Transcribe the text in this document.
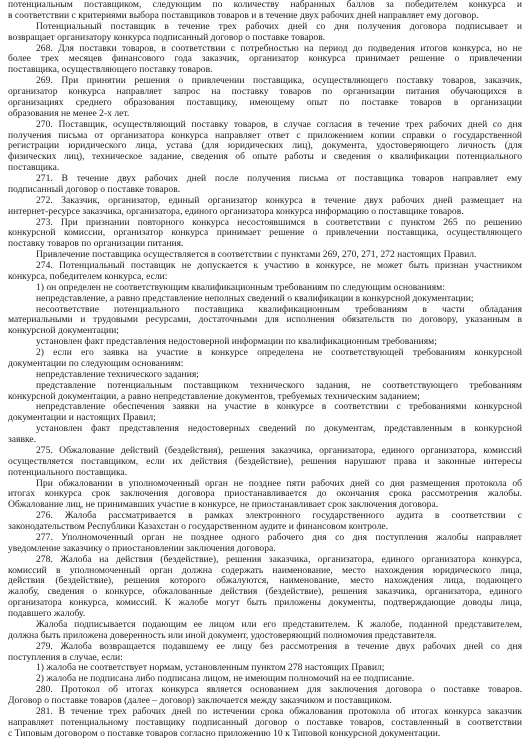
потенциальным поставщиком, следующим по количеству набранных баллов за победителем конкурса и
в соответствии с критериями выбора поставщиков товаров и в течение двух рабочих дней направляет ему договор.
Потенциальный поставщик в течение трех рабочих дней со дня получения договора подписывает и
возвращает организатору конкурса подписанный договор о поставке товаров.
268. Для поставки товаров, в соответствии с потребностью на период до подведения итогов конкурса, но не
более трех месяцев финансового года заказчик, организатор конкурса принимает решение о привлечении
поставщика, осуществляющего поставку товаров.
269. При принятии решения о привлечении поставщика, осуществляющего поставку товаров, заказчик,
организатор конкурса направляет запрос на поставку товаров по организации питания обучающихся в
организациях среднего образования поставщику, имеющему опыт по поставке товаров в организации
образования не менее 2-х лет.
270. Поставщик, осуществляющий поставку товаров, в случае согласия в течение трех рабочих дней со дня
получения письма от организатора конкурса направляет ответ с приложением копии справки о государственной
регистрации юридического лица, устава (для юридических лиц), документа, удостоверяющего личность (для
физических лиц), техническое задание, сведения об опыте работы и сведения о квалификации потенциального
поставщика.
271. В течение двух рабочих дней после получения письма от поставщика товаров направляет ему
подписанный договор о поставке товаров.
272. Заказчик, организатор, единый организатор конкурса в течение двух рабочих дней размещает на
интернет-ресурсе заказчика, организатора, единого организатора конкурса информацию о поставщике товаров.
273. При признании повторного конкурса несостоявшимся в соответствии с пунктом 265 по решению
конкурсной комиссии, организатор конкурса принимает решение о привлечении поставщика, осуществляющего
поставку товаров по организации питания.
Привлечение поставщика осуществляется в соответствии с пунктами 269, 270, 271, 272 настоящих Правил.
274. Потенциальный поставщик не допускается к участию в конкурсе, не может быть признан участником
конкурса, победителем конкурса, если:
1) он определен не соответствующим квалификационным требованиям по следующим основаниям:
непредставление, а равно представление неполных сведений о квалификации в конкурсной документации;
несоответствие потенциального поставщика квалификационным требованиям в части обладания
материальными и трудовыми ресурсами, достаточными для исполнения обязательств по договору, указанным в
конкурсной документации;
установлен факт представления недостоверной информации по квалификационным требованиям;
2) если его заявка на участие в конкурсе определена не соответствующей требованиям конкурсной
документации по следующим основаниям:
непредставление технического задания;
представление потенциальным поставщиком технического задания, не соответствующего требованиям
конкурсной документации, а равно непредставление документов, требуемых техническим заданием;
непредставление обеспечения заявки на участие в конкурсе в соответствии с требованиями конкурсной
документации и настоящих Правил;
установлен факт представления недостоверных сведений по документам, представленным в конкурсной
заявке.
275. Обжалование действий (бездействия), решения заказчика, организатора, единого организатора, комиссий
осуществляется поставщиком, если их действия (бездействие), решения нарушают права и законные интересы
потенциального поставщика.
При обжаловании в уполномоченный орган не позднее пяти рабочих дней со дня размещения протокола об
итогах конкурса срок заключения договора приостанавливается до окончания срока рассмотрения жалобы.
Обжалование лиц, не принимавших участие в конкурсе, не приостанавливает срок заключения договора.
276. Жалоба рассматривается в рамках электронного государственного аудита в соответствии с
законодательством Республики Казахстан о государственном аудите и финансовом контроле.
277. Уполномоченный орган не позднее одного рабочего дня со дня поступления жалобы направляет
уведомление заказчику о приостановлении заключения договора.
278. Жалоба на действия (бездействие), решения заказчика, организатора, единого организатора конкурса,
комиссий в уполномоченный орган должна содержать наименование, место нахождения юридического лица,
действия (бездействие), решения которого обжалуются, наименование, место нахождения лица, подающего
жалобу, сведения о конкурсе, обжалованные действия (бездействие), решения заказчика, организатора, единого
организатора конкурса, комиссий. К жалобе могут быть приложены документы, подтверждающие доводы лица,
подавшего жалобу.
Жалоба подписывается подающим ее лицом или его представителем. К жалобе, поданной представителем,
должна быть приложена доверенность или иной документ, удостоверяющий полномочия представителя.
279. Жалоба возвращается подавшему ее лицу без рассмотрения в течение двух рабочих дней со дня
поступления в случае, если:
1) жалоба не соответствует нормам, установленным пунктом 278 настоящих Правил;
2) жалоба не подписана либо подписана лицом, не имеющим полномочий на ее подписание.
280. Протокол об итогах конкурса является основанием для заключения договора о поставке товаров.
Договор о поставке товаров (далее – договор) заключается между заказчиком и поставщиком.
281. В течение трех рабочих дней по истечении срока обжалования протокола об итогах конкурса заказчик
направляет потенциальному поставщику подписанный договор о поставке товаров, составленный в соответствии
с Типовым договором о поставке товаров согласно приложению 10 к Типовой конкурсной документации.
